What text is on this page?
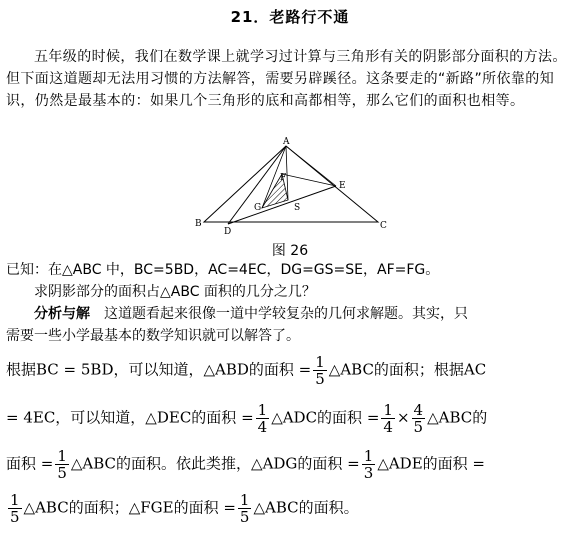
21．老路行不通
五年级的时候，我们在数学课上就学习过计算与三角形有关的阴影部分面积的方法。但下面这道题却无法用习惯的方法解答，需要另辟蹊径。这条要走的“新路”所依靠的知识，仍然是最基本的：如果几个三角形的底和高都相等，那么它们的面积也相等。
A
B	C
D
E
F
G	S
图 26
已知：在△ABC 中，BC=5BD，AC=4EC，DG=GS=SE，AF=FG。
求阴影部分的面积占△ABC 面积的几分之几？
分析与解　这道题看起来很像一道中学较复杂的几何求解题。其实，只
需要一些小学最基本的数学知识就可以解答了。
根据BC = 5BD，可以知道，△ABD的面积 = $\frac{1}{5}$ △ABC的面积；根据AC
= 4EC，可以知道，△DEC的面积 = $\frac{1}{4}$ △ADC的面积 = $\frac{1}{4} \times \frac{4}{5}$ △ABC的
面积 = $\frac{1}{5}$ △ABC的面积。依此类推，△ADG的面积 = $\frac{1}{3}$ △ADE的面积 =
$\frac{1}{5}$ △ABC的面积；△FGE的面积 = $\frac{1}{5}$ △ABC的面积。
